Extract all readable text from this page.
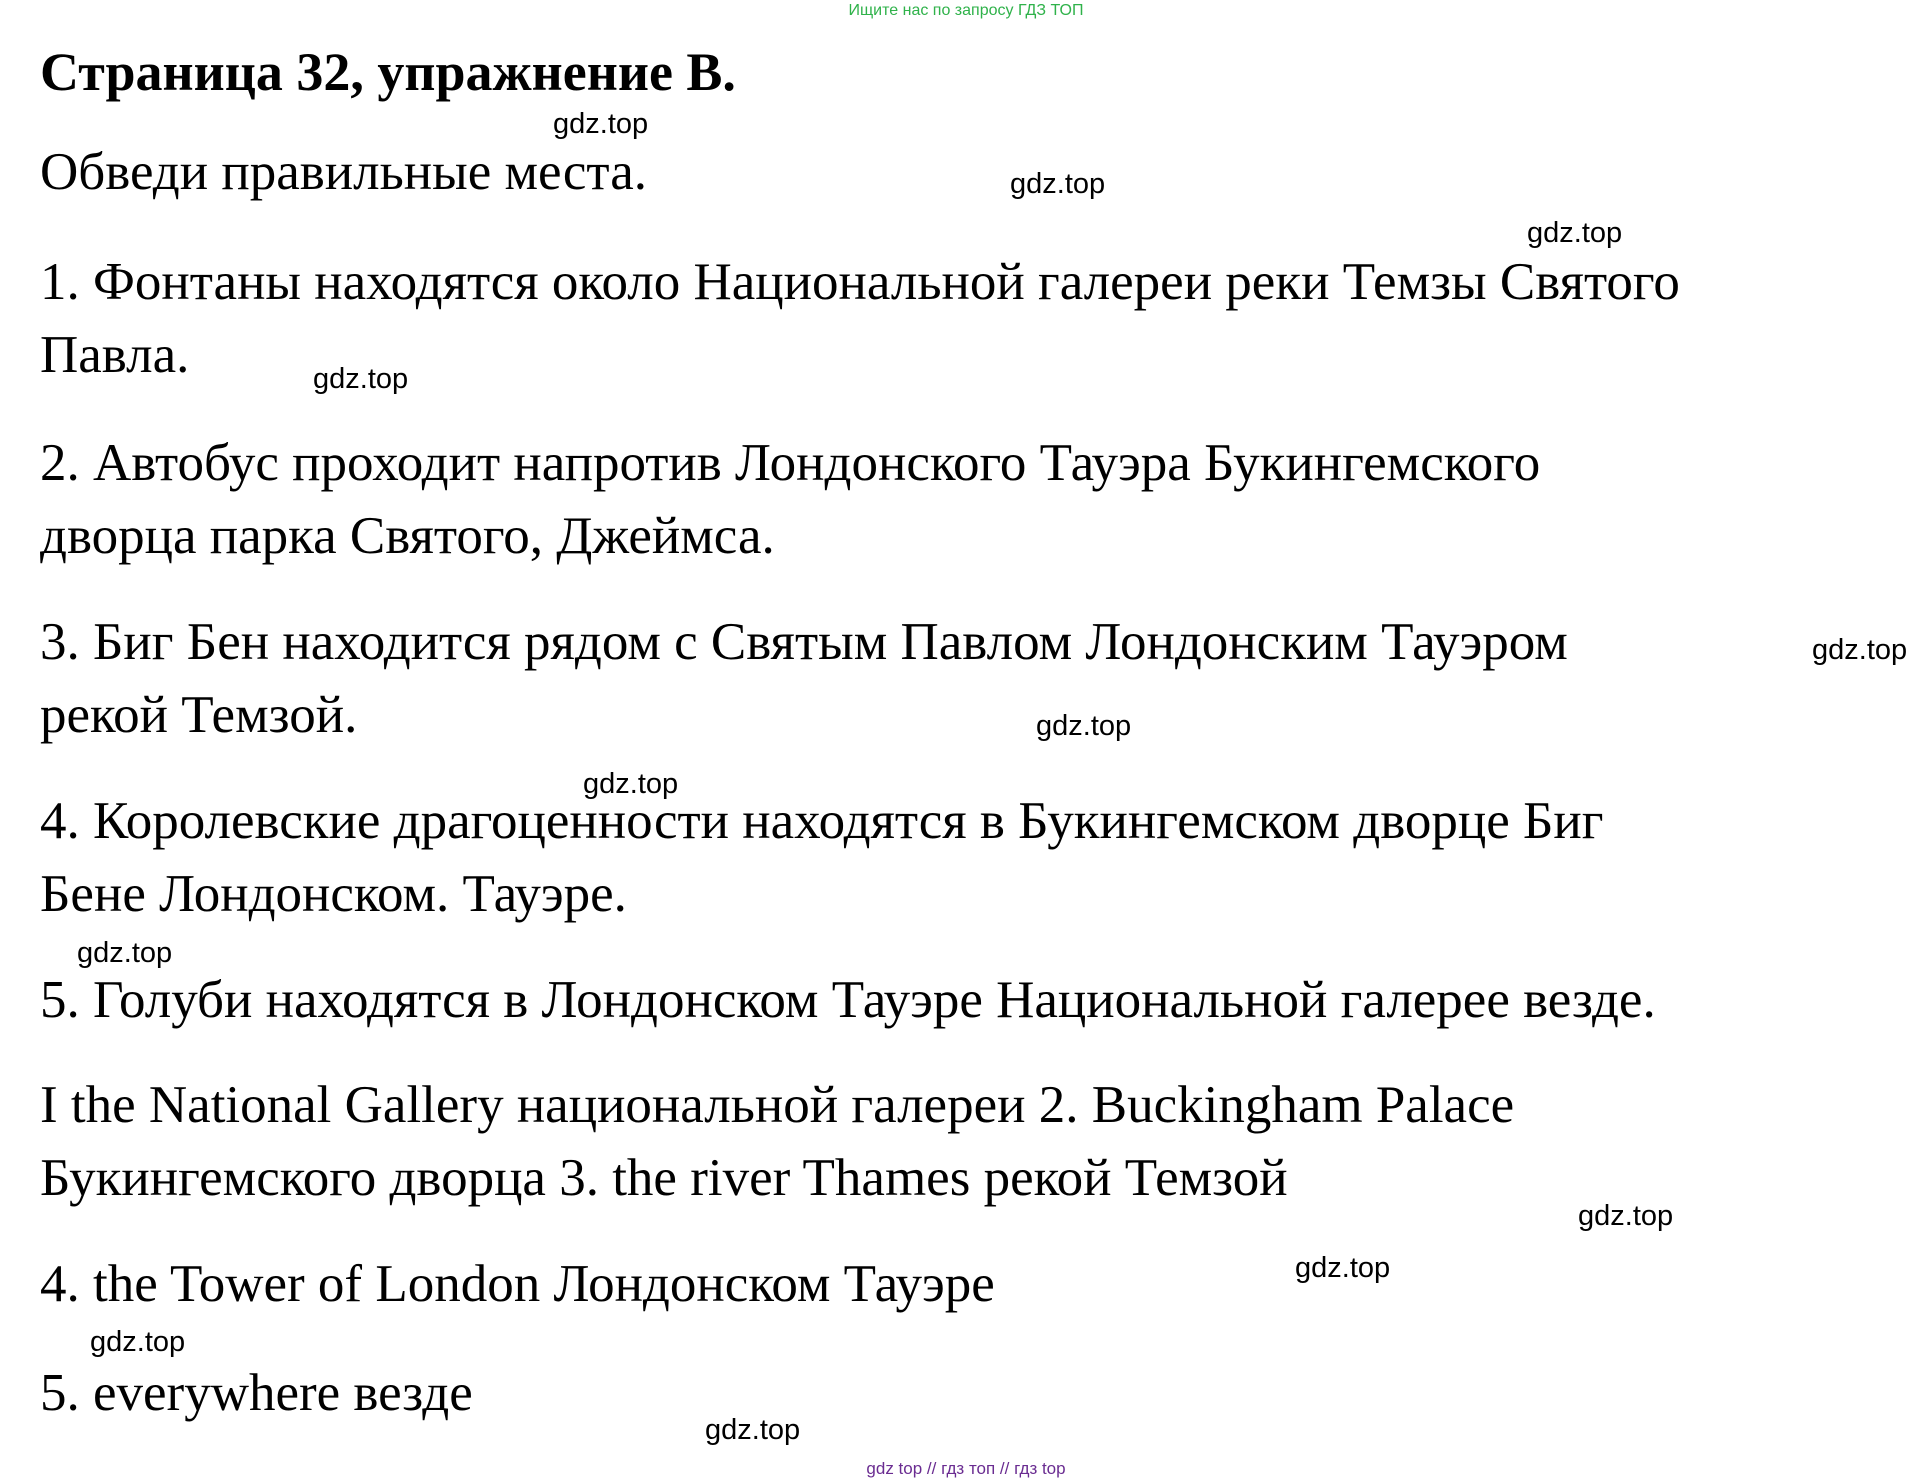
Ищите нас по запросу ГДЗ ТОП
Страница 32, упражнение В.
Обведи правильные места.
1. Фонтаны находятся около Национальной галереи реки Темзы Святого
Павла.
2. Автобус проходит напротив Лондонского Тауэра Букингемского
дворца парка Святого, Джеймса.
3. Биг Бен находится рядом с Святым Павлом Лондонским Тауэром
рекой Темзой.
4. Королевские драгоценности находятся в Букингемском дворце Биг
Бене Лондонском. Тауэре.
5. Голуби находятся в Лондонском Тауэре Национальной галерее везде.
I the National Gallery национальной галереи 2. Buckingham Palace
Букингемского дворца 3. the river Thames рекой Темзой
4. the Tower of London Лондонском Тауэре
5. everywhere везде
gdz.top
gdz.top
gdz.top
gdz.top
gdz.top
gdz.top
gdz.top
gdz.top
gdz.top
gdz.top
gdz.top
gdz.top
gdz top // гдз топ // гдз top
